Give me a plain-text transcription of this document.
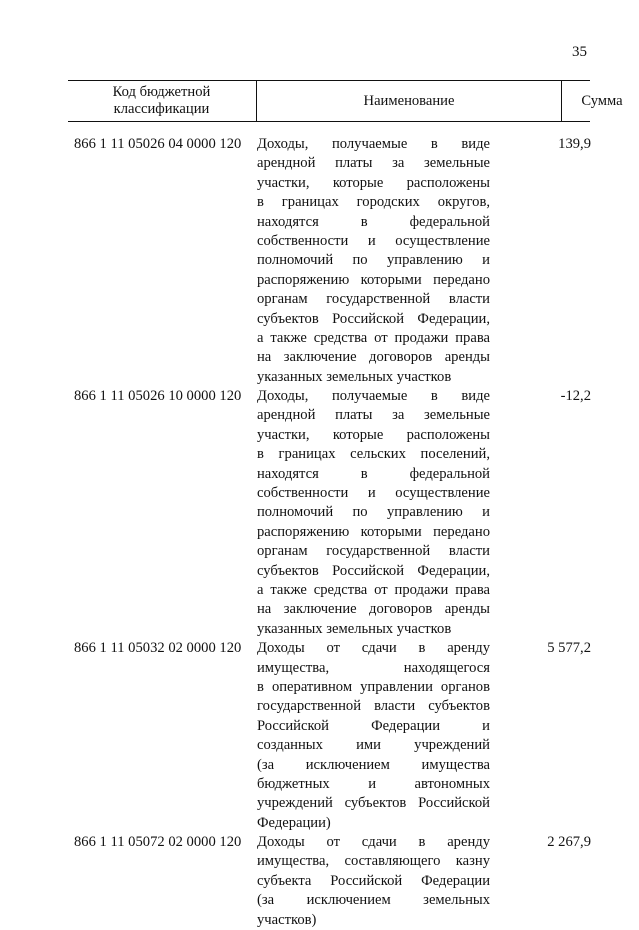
35
Код бюджетной классификации
Наименование	Сумма
866 1 11 05026 04 0000 120	Доходы, получаемые в виде
арендной платы за земельные
участки, которые расположены
в границах городских округов,
находятся в федеральной
собственности и осуществление
полномочий по управлению и
распоряжению которыми передано
органам государственной власти
субъектов Российской Федерации,
а также средства от продажи права
на заключение договоров аренды
указанных земельных участков
139,9
866 1 11 05026 10 0000 120	Доходы, получаемые в виде
арендной платы за земельные
участки, которые расположены
в границах сельских поселений,
находятся в федеральной
собственности и осуществление
полномочий по управлению и
распоряжению которыми передано
органам государственной власти
субъектов Российской Федерации,
а также средства от продажи права
на заключение договоров аренды
указанных земельных участков
-12,2
866 1 11 05032 02 0000 120	Доходы от сдачи в аренду
имущества, находящегося
в оперативном управлении органов
государственной власти субъектов
Российской Федерации и
созданных ими учреждений
(за исключением имущества
бюджетных и автономных
учреждений субъектов Российской
Федерации)
5 577,2
866 1 11 05072 02 0000 120	Доходы от сдачи в аренду
имущества, составляющего казну
субъекта Российской Федерации
(за исключением земельных
участков)
2 267,9
